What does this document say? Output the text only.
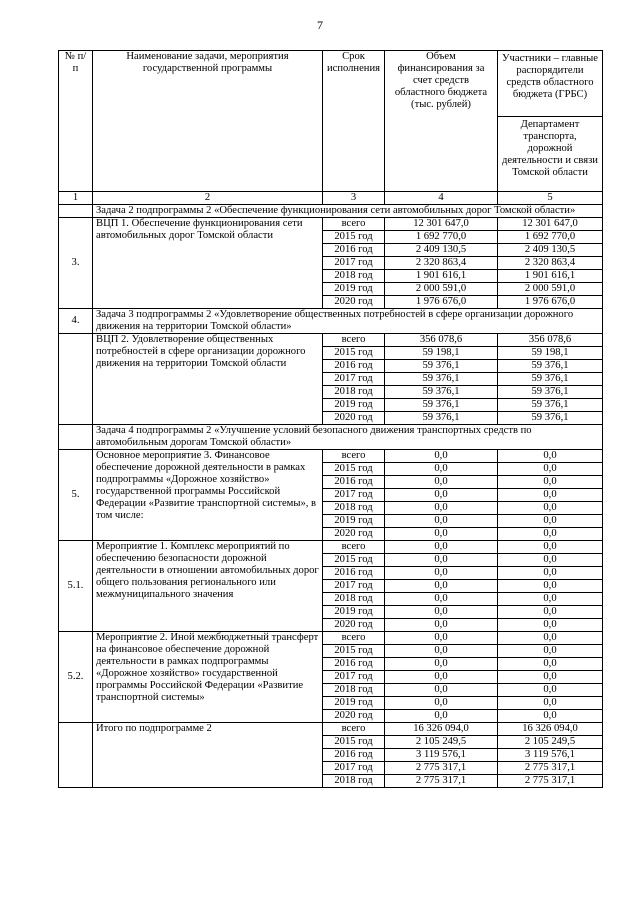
7
№ п/п	Наименование задачи, мероприятия государственной программы	Срок исполнения	Объем финансирования за счет средств областного бюджета (тыс. рублей)	Участники – главные распорядители средств областного бюджета (ГРБС)
Департамент транспорта, дорожной деятельности и связи Томской области

1	2	3	4	5
	Задача 2 подпрограммы 2 «Обеспечение функционирования сети автомобильных дорог Томской области»			
3.	ВЦП 1. Обеспечение функционирования сети автомобильных дорог Томской области	всего	12 301 647,0	12 301 647,0
		2015 год	1 692 770,0	1 692 770,0
		2016 год	2 409 130,5	2 409 130,5
		2017 год	2 320 863,4	2 320 863,4
		2018 год	1 901 616,1	1 901 616,1
		2019 год	2 000 591,0	2 000 591,0
		2020 год	1 976 676,0	1 976 676,0
4.	Задача 3 подпрограммы 2 «Удовлетворение общественных потребностей в сфере организации дорожного движения на территории Томской области»			
	ВЦП 2. Удовлетворение общественных потребностей в сфере организации дорожного движения на территории Томской области	всего	356 078,6	356 078,6
		2015 год	59 198,1	59 198,1
		2016 год	59 376,1	59 376,1
		2017 год	59 376,1	59 376,1
		2018 год	59 376,1	59 376,1
		2019 год	59 376,1	59 376,1
		2020 год	59 376,1	59 376,1
	Задача 4 подпрограммы 2 «Улучшение условий безопасного движения транспортных средств по автомобильным дорогам Томской области»			
5.	Основное мероприятие 3. Финансовое обеспечение дорожной деятельности в рамках подпрограммы «Дорожное хозяйство» государственной программы Российской Федерации «Развитие транспортной системы», в том числе:	всего	0,0	0,0
		2015 год	0,0	0,0
		2016 год	0,0	0,0
		2017 год	0,0	0,0
		2018 год	0,0	0,0
		2019 год	0,0	0,0
		2020 год	0,0	0,0
5.1.	Мероприятие 1. Комплекс мероприятий по обеспечению безопасности дорожной деятельности в отношении автомобильных дорог общего пользования регионального или межмуниципального значения	всего	0,0	0,0
		2015 год	0,0	0,0
		2016 год	0,0	0,0
		2017 год	0,0	0,0
		2018 год	0,0	0,0
		2019 год	0,0	0,0
		2020 год	0,0	0,0
5.2.	Мероприятие 2. Иной межбюджетный трансферт на финансовое обеспечение дорожной деятельности в рамках подпрограммы «Дорожное хозяйство» государственной программы Российской Федерации «Развитие транспортной системы»	всего	0,0	0,0
		2015 год	0,0	0,0
		2016 год	0,0	0,0
		2017 год	0,0	0,0
		2018 год	0,0	0,0
		2019 год	0,0	0,0
		2020 год	0,0	0,0
	Итого по подпрограмме 2	всего	16 326 094,0	16 326 094,0
		2015 год	2 105 249,5	2 105 249,5
		2016 год	3 119 576,1	3 119 576,1
		2017 год	2 775 317,1	2 775 317,1
		2018 год	2 775 317,1	2 775 317,1
